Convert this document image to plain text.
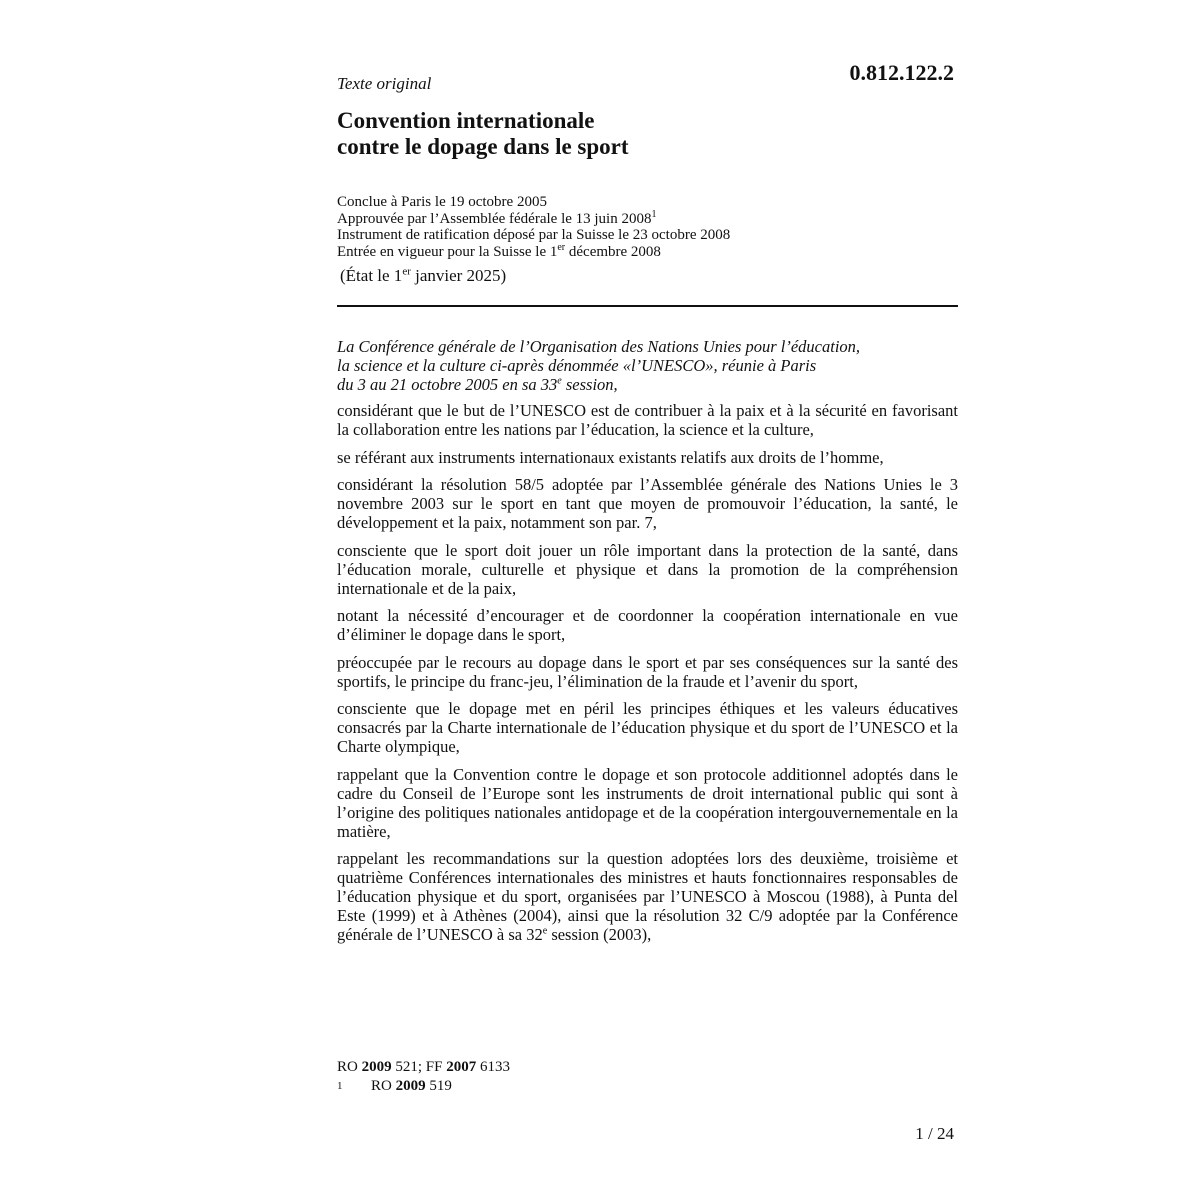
0.812.122.2
Texte original
Convention internationale
contre le dopage dans le sport
Conclue à Paris le 19 octobre 2005
Approuvée par l’Assemblée fédérale le 13 juin 2008$^1$
Instrument de ratification déposé par la Suisse le 23 octobre 2008
Entrée en vigueur pour la Suisse le 1er décembre 2008
(État le 1er janvier 2025)

La Conférence générale de l’Organisation des Nations Unies pour l’éducation,
la science et la culture ci-après dénommée «l’UNESCO», réunie à Paris
du 3 au 21 octobre 2005 en sa 33e session,

considérant que le but de l’UNESCO est de contribuer à la paix et à la sécurité en favorisant la collaboration entre les nations par l’éducation, la science et la culture,

se référant aux instruments internationaux existants relatifs aux droits de l’homme,

considérant la résolution 58/5 adoptée par l’Assemblée générale des Nations Unies le 3 novembre 2003 sur le sport en tant que moyen de promouvoir l’éducation, la santé, le développement et la paix, notamment son par. 7,

consciente que le sport doit jouer un rôle important dans la protection de la santé, dans l’éducation morale, culturelle et physique et dans la promotion de la compréhension internationale et de la paix,

notant la nécessité d’encourager et de coordonner la coopération internationale en vue d’éliminer le dopage dans le sport,

préoccupée par le recours au dopage dans le sport et par ses conséquences sur la santé des sportifs, le principe du franc-jeu, l’élimination de la fraude et l’avenir du sport,

consciente que le dopage met en péril les principes éthiques et les valeurs éducatives consacrés par la Charte internationale de l’éducation physique et du sport de l’UNESCO et la Charte olympique,

rappelant que la Convention contre le dopage et son protocole additionnel adoptés dans le cadre du Conseil de l’Europe sont les instruments de droit international public qui sont à l’origine des politiques nationales antidopage et de la coopération intergouvernementale en la matière,

rappelant les recommandations sur la question adoptées lors des deuxième, troisième et quatrième Conférences internationales des ministres et hauts fonctionnaires responsables de l’éducation physique et du sport, organisées par l’UNESCO à Moscou (1988), à Punta del Este (1999) et à Athènes (2004), ainsi que la résolution 32 C/9 adoptée par la Conférence générale de l’UNESCO à sa 32e session (2003),

RO 2009 521; FF 2007 6133
1 RO 2009 519
1 / 24
